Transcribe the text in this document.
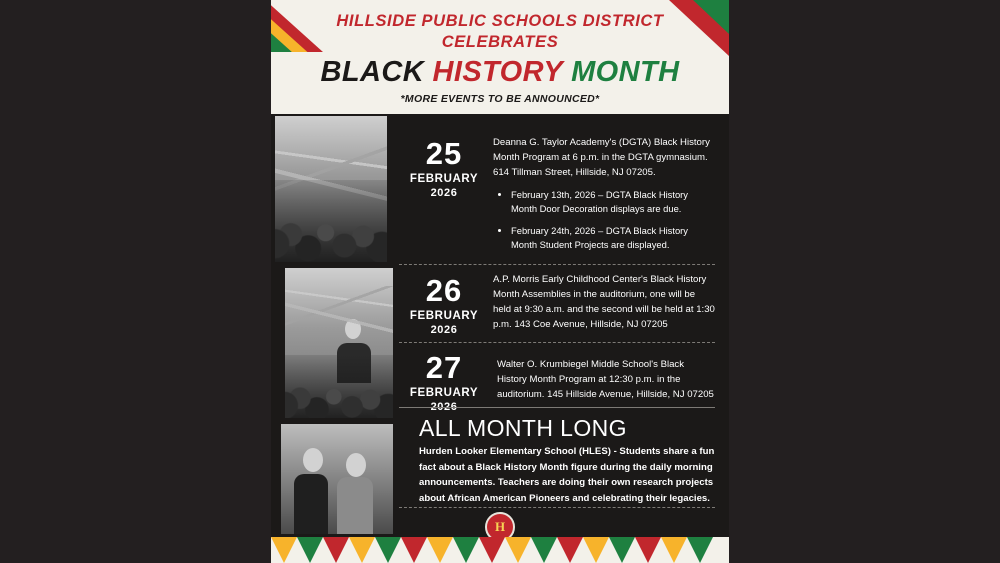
HILLSIDE PUBLIC SCHOOLS DISTRICT
CELEBRATES
BLACK HISTORY MONTH
*MORE EVENTS TO BE ANNOUNCED*
25
FEBRUARY
2026
Deanna G. Taylor Academy's (DGTA) Black History Month Program at 6 p.m. in the DGTA gymnasium. 614 Tillman Street, Hillside, NJ 07205.
• February 13th, 2026 – DGTA Black History Month Door Decoration displays are due.
• February 24th, 2026 – DGTA Black History Month Student Projects are displayed.
26
FEBRUARY
2026
A.P. Morris Early Childhood Center's Black History Month Assemblies in the auditorium, one will be held at 9:30 a.m. and the second will be held at 1:30 p.m. 143 Coe Avenue, Hillside, NJ 07205
27
FEBRUARY
2026
Walter O. Krumbiegel Middle School's Black History Month Program at 12:30 p.m. in the auditorium. 145 Hillside Avenue, Hillside, NJ 07205
ALL MONTH LONG
Hurden Looker Elementary School (HLES) - Students share a fun fact about a Black History Month figure during the daily morning announcements. Teachers are doing their own research projects about African American Pioneers and celebrating their legacies.
H
